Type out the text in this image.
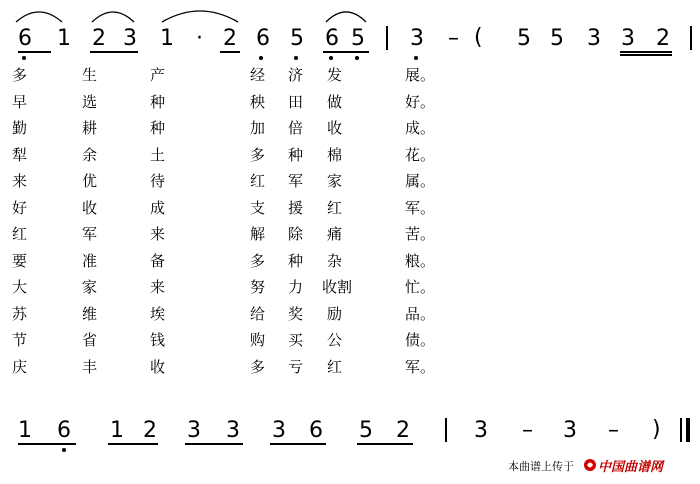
6 1 2 3 1 · 2 6 5 6 5 3 – ( 5 5 3 3 2
多	生	产	经 济 发	展。
早	选	种	秧 田 做	好。
勤	耕	种	加 倍 收	成。
犁	余	土	多 种 棉	花。
来	优	待	红 军 家	属。
好	收	成	支 援 红	军。
红	军	来	解 除 痛	苦。
要	准	备	多 种 杂	粮。
大	家	来	努 力 收割	忙。
苏	维	埃	给 奖 励	品。
节	省	钱	购 买 公	债。
庆	丰	收	多 亏 红	军。
1 6 1 2 3 3 3 6 5 2	3 – 3 – )
本曲谱上传于 中国曲谱网
